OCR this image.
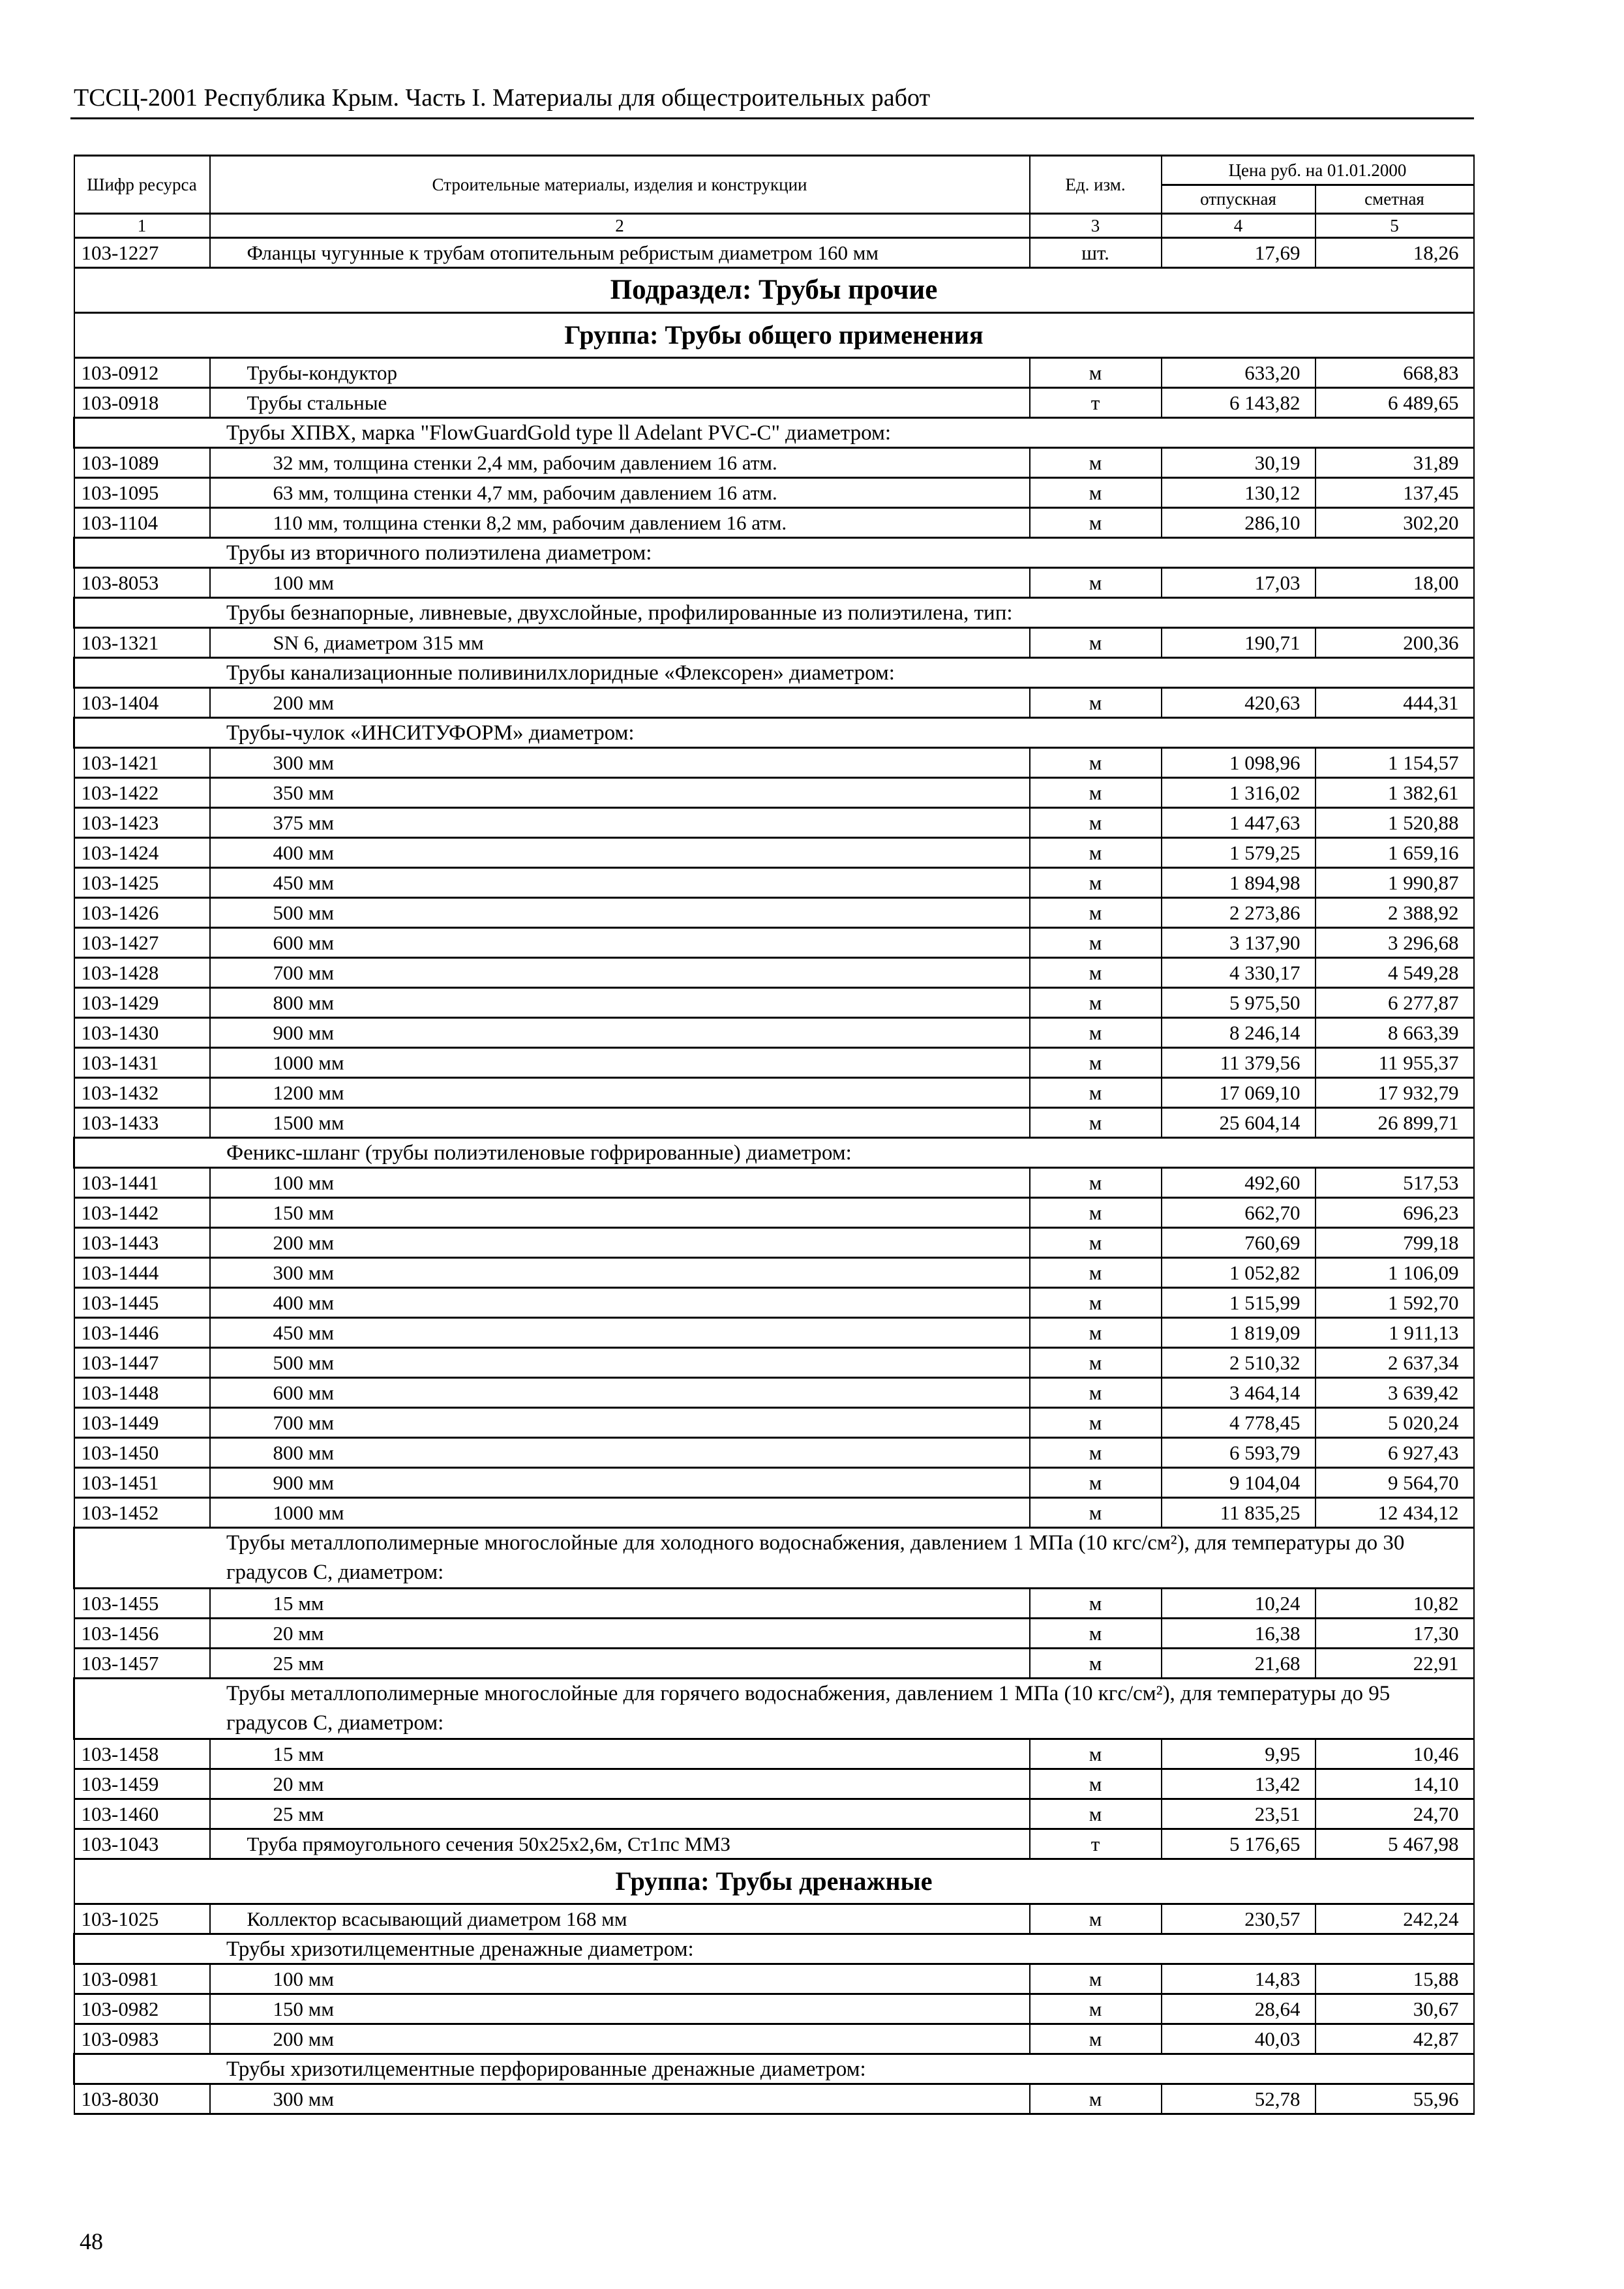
ТССЦ-2001 Республика Крым. Часть I. Материалы для общестроительных работ
Шифр ресурса	Строительные материалы, изделия и конструкции	Ед. изм.	Цена руб. на 01.01.2000	
			отпускная	сметная
1	2	3	4	5
103-1227	Фланцы чугунные к трубам отопительным ребристым диаметром 160 мм	шт.	17,69	18,26
Подраздел: Трубы прочие				
Группа: Трубы общего применения				
103-0912	Трубы-кондуктор	м	633,20	668,83
103-0918	Трубы стальные	т	6 143,82	6 489,65
Трубы ХПВХ, марка "FlowGuardGold type ll Adelant PVC-C" диаметром:				
103-1089	32 мм, толщина стенки 2,4 мм, рабочим давлением 16 атм.	м	30,19	31,89
103-1095	63 мм, толщина стенки 4,7 мм, рабочим давлением 16 атм.	м	130,12	137,45
103-1104	110 мм, толщина стенки 8,2 мм, рабочим давлением 16 атм.	м	286,10	302,20
Трубы из вторичного полиэтилена диаметром:				
103-8053	100 мм	м	17,03	18,00
Трубы безнапорные, ливневые, двухслойные, профилированные из полиэтилена, тип:				
103-1321	SN 6, диаметром 315 мм	м	190,71	200,36
Трубы канализационные поливинилхлоридные «Флексорен» диаметром:				
103-1404	200 мм	м	420,63	444,31
Трубы-чулок «ИНСИТУФОРМ» диаметром:				
103-1421	300 мм	м	1 098,96	1 154,57
103-1422	350 мм	м	1 316,02	1 382,61
103-1423	375 мм	м	1 447,63	1 520,88
103-1424	400 мм	м	1 579,25	1 659,16
103-1425	450 мм	м	1 894,98	1 990,87
103-1426	500 мм	м	2 273,86	2 388,92
103-1427	600 мм	м	3 137,90	3 296,68
103-1428	700 мм	м	4 330,17	4 549,28
103-1429	800 мм	м	5 975,50	6 277,87
103-1430	900 мм	м	8 246,14	8 663,39
103-1431	1000 мм	м	11 379,56	11 955,37
103-1432	1200 мм	м	17 069,10	17 932,79
103-1433	1500 мм	м	25 604,14	26 899,71
Феникс-шланг (трубы полиэтиленовые гофрированные) диаметром:				
103-1441	100 мм	м	492,60	517,53
103-1442	150 мм	м	662,70	696,23
103-1443	200 мм	м	760,69	799,18
103-1444	300 мм	м	1 052,82	1 106,09
103-1445	400 мм	м	1 515,99	1 592,70
103-1446	450 мм	м	1 819,09	1 911,13
103-1447	500 мм	м	2 510,32	2 637,34
103-1448	600 мм	м	3 464,14	3 639,42
103-1449	700 мм	м	4 778,45	5 020,24
103-1450	800 мм	м	6 593,79	6 927,43
103-1451	900 мм	м	9 104,04	9 564,70
103-1452	1000 мм	м	11 835,25	12 434,12
Трубы металлополимерные многослойные для холодного водоснабжения, давлением 1 МПа (10 кгс/см²), для температуры до 30 градусов С, диаметром:				
103-1455	15 мм	м	10,24	10,82
103-1456	20 мм	м	16,38	17,30
103-1457	25 мм	м	21,68	22,91
Трубы металлополимерные многослойные для горячего водоснабжения, давлением 1 МПа (10 кгс/см²), для температуры до 95 градусов С, диаметром:				
103-1458	15 мм	м	9,95	10,46
103-1459	20 мм	м	13,42	14,10
103-1460	25 мм	м	23,51	24,70
103-1043	Труба прямоугольного сечения 50х25х2,6м, Ст1пс ММЗ	т	5 176,65	5 467,98
Группа: Трубы дренажные				
103-1025	Коллектор всасывающий диаметром 168 мм	м	230,57	242,24
Трубы хризотилцементные дренажные диаметром:				
103-0981	100 мм	м	14,83	15,88
103-0982	150 мм	м	28,64	30,67
103-0983	200 мм	м	40,03	42,87
Трубы хризотилцементные перфорированные дренажные диаметром:				
103-8030	300 мм	м	52,78	55,96
48
